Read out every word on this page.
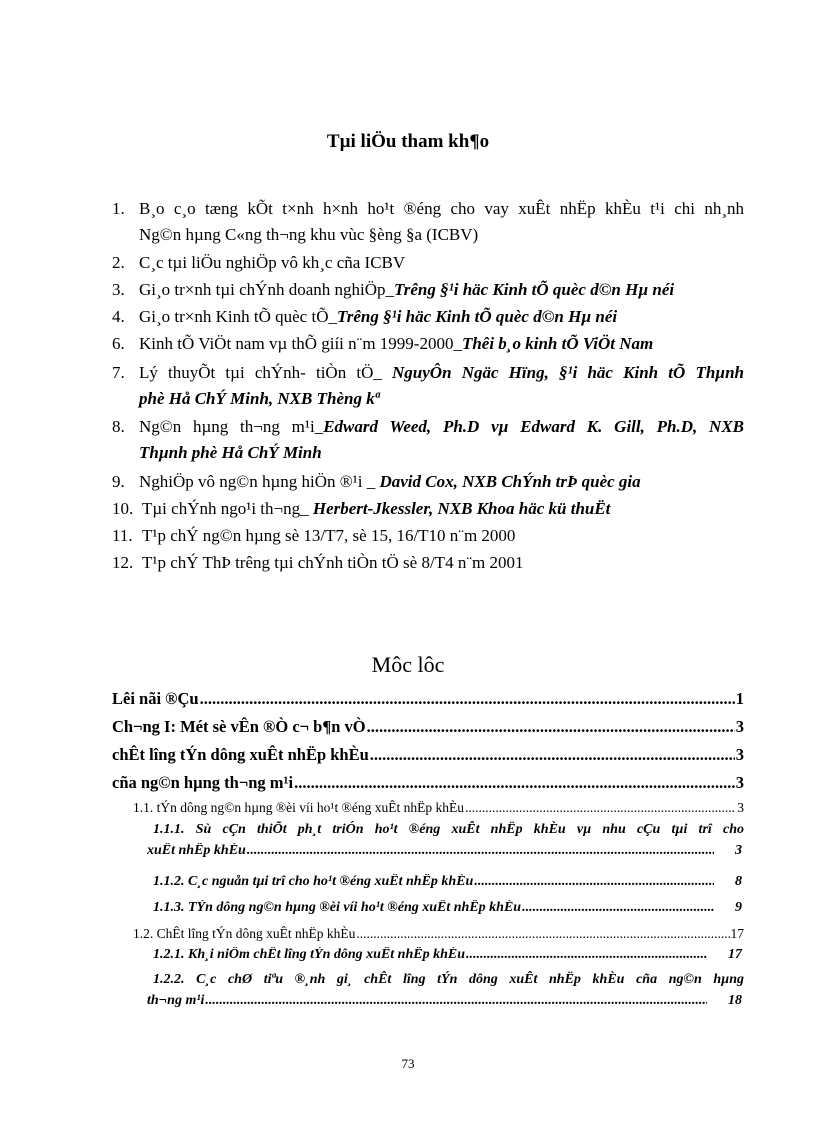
Tµi liÖu tham kh¶o
1. B¸o c¸o tæng kÕt t×nh h×nh ho¹t ®éng cho vay xuÊt nhËp khÈu t¹i chi nh¸nh
Ng©n hµng C«ng th¬ng khu vùc §èng §a (ICBV)
2. C¸c tµi liÖu nghiÖp vô kh¸c cña ICBV
3. Gi¸o tr×nh tµi chÝnh doanh nghiÖp_Trêng §¹i häc Kinh tÕ quèc d©n Hµ néi
4. Gi¸o tr×nh Kinh tÕ quèc tÕ_Trêng §¹i häc Kinh tÕ quèc d©n Hµ néi
6. Kinh tÕ ViÖt nam vµ thÕ giíi n¨m 1999-2000_Thêi b¸o kinh tÕ ViÖt Nam
7. Lý thuyÕt tµi chÝnh- tiÒn tÖ_ NguyÔn Ngäc Hïng, §¹i häc Kinh tÕ Thµnh
phè Hå ChÝ Minh, NXB Thèng kª
8. Ng©n hµng th¬ng m¹i_Edward Weed, Ph.D vµ Edward K. Gill, Ph.D, NXB
Thµnh phè Hå ChÝ Minh
9. NghiÖp vô ng©n hµng hiÖn ®¹i _ David Cox, NXB ChÝnh trÞ quèc gia
10. Tµi chÝnh ngo¹i th¬ng_ Herbert-Jkessler, NXB Khoa häc kü thuËt
11. T¹p chÝ ng©n hµng sè 13/T7, sè 15, 16/T10 n¨m 2000
12. T¹p chÝ ThÞ trêng tµi chÝnh tiÒn tÖ sè 8/T4 n¨m 2001
Môc lôc
Lêi nãi ®Çu .....	1
Ch¬ng I: Mét sè vÊn ®Ò c¬ b¶n vÒ .....	3
chÊt lîng tÝn dông xuÊt nhËp khÈu .....	3
cña ng©n hµng th¬ng m¹i .....	3
1.1. tÝn dông ng©n hµng ®èi víi ho¹t ®éng xuÊt nhËp khÈu .....	3
1.1.1. Sù cÇn thiÕt ph¸t triÓn ho¹t ®éng xuÊt nhËp khÈu vµ nhu cÇu tµi trî cho
xuÊt nhËp khÈu .....	3
1.1.2. C¸c nguån tµi trî cho ho¹t ®éng xuÊt nhËp khÈu .....	8
1.1.3. TÝn dông ng©n hµng ®èi víi ho¹t ®éng xuÊt nhËp khÈu .....	9
1.2. ChÊt lîng tÝn dông xuÊt nhËp khÈu .....	17
1.2.1. Kh¸i niÖm chÊt lîng tÝn dông xuÊt nhËp khÈu .....	17
1.2.2. C¸c chØ tiªu ®¸nh gi¸ chÊt lîng tÝn dông xuÊt nhËp khÈu cña ng©n hµng
th¬ng m¹i .....	18
73
